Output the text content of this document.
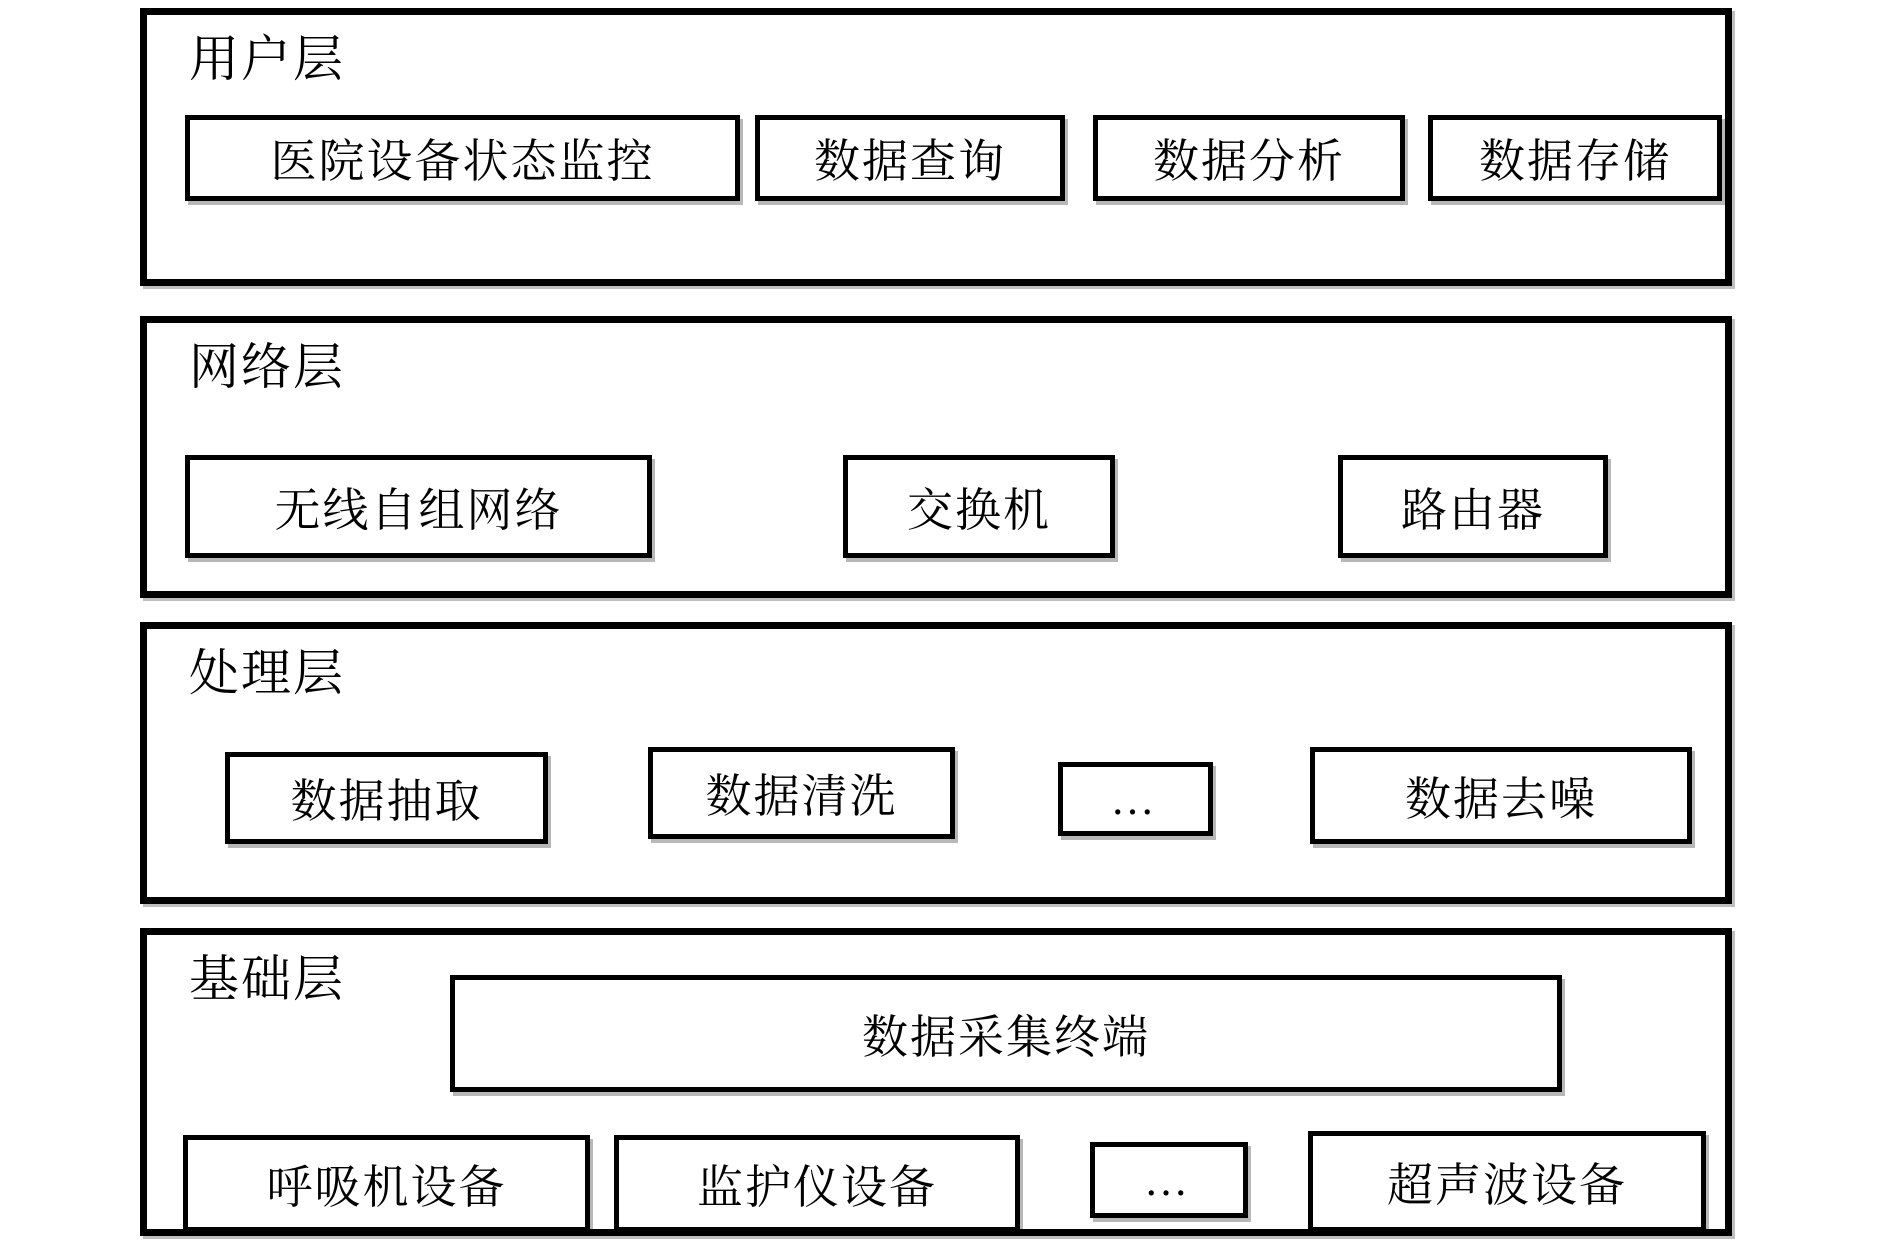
用户层
医院设备状态监控	数据查询	数据分析	数据存储
网络层
无线自组网络	交换机	路由器
处理层
数据抽取	数据清洗	…	数据去噪
基础层
数据采集终端
呼吸机设备	监护仪设备	…	超声波设备
